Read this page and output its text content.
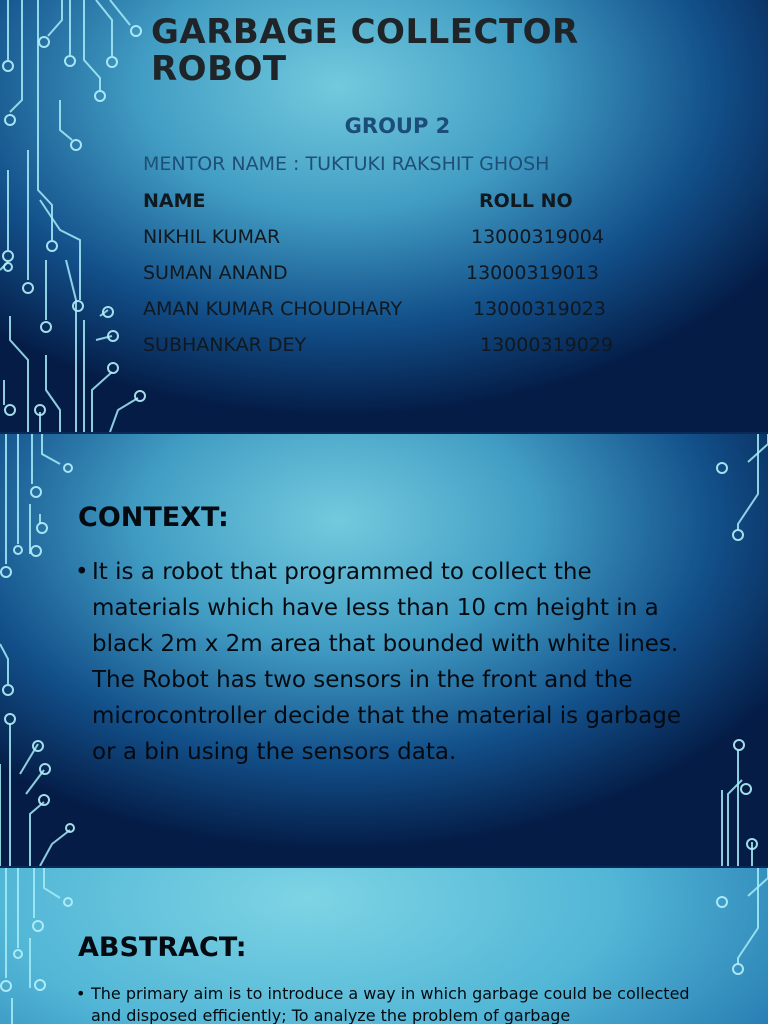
GARBAGE COLLECTOR
ROBOT
GROUP 2
MENTOR NAME : TUKTUKI RAKSHIT GHOSH
NAME	ROLL NO
NIKHIL KUMAR	13000319004
SUMAN ANAND	13000319013
AMAN KUMAR CHOUDHARY	13000319023
SUBHANKAR DEY	13000319029
CONTEXT:
• It is a robot that programmed to collect the materials which have less than 10 cm height in a black 2m x 2m area that bounded with white lines. The Robot has two sensors in the front and the microcontroller decide that the material is garbage or a bin using the sensors data.
ABSTRACT:
• The primary aim is to introduce a way in which garbage could be collected and disposed efficiently; To analyze the problem of garbage
